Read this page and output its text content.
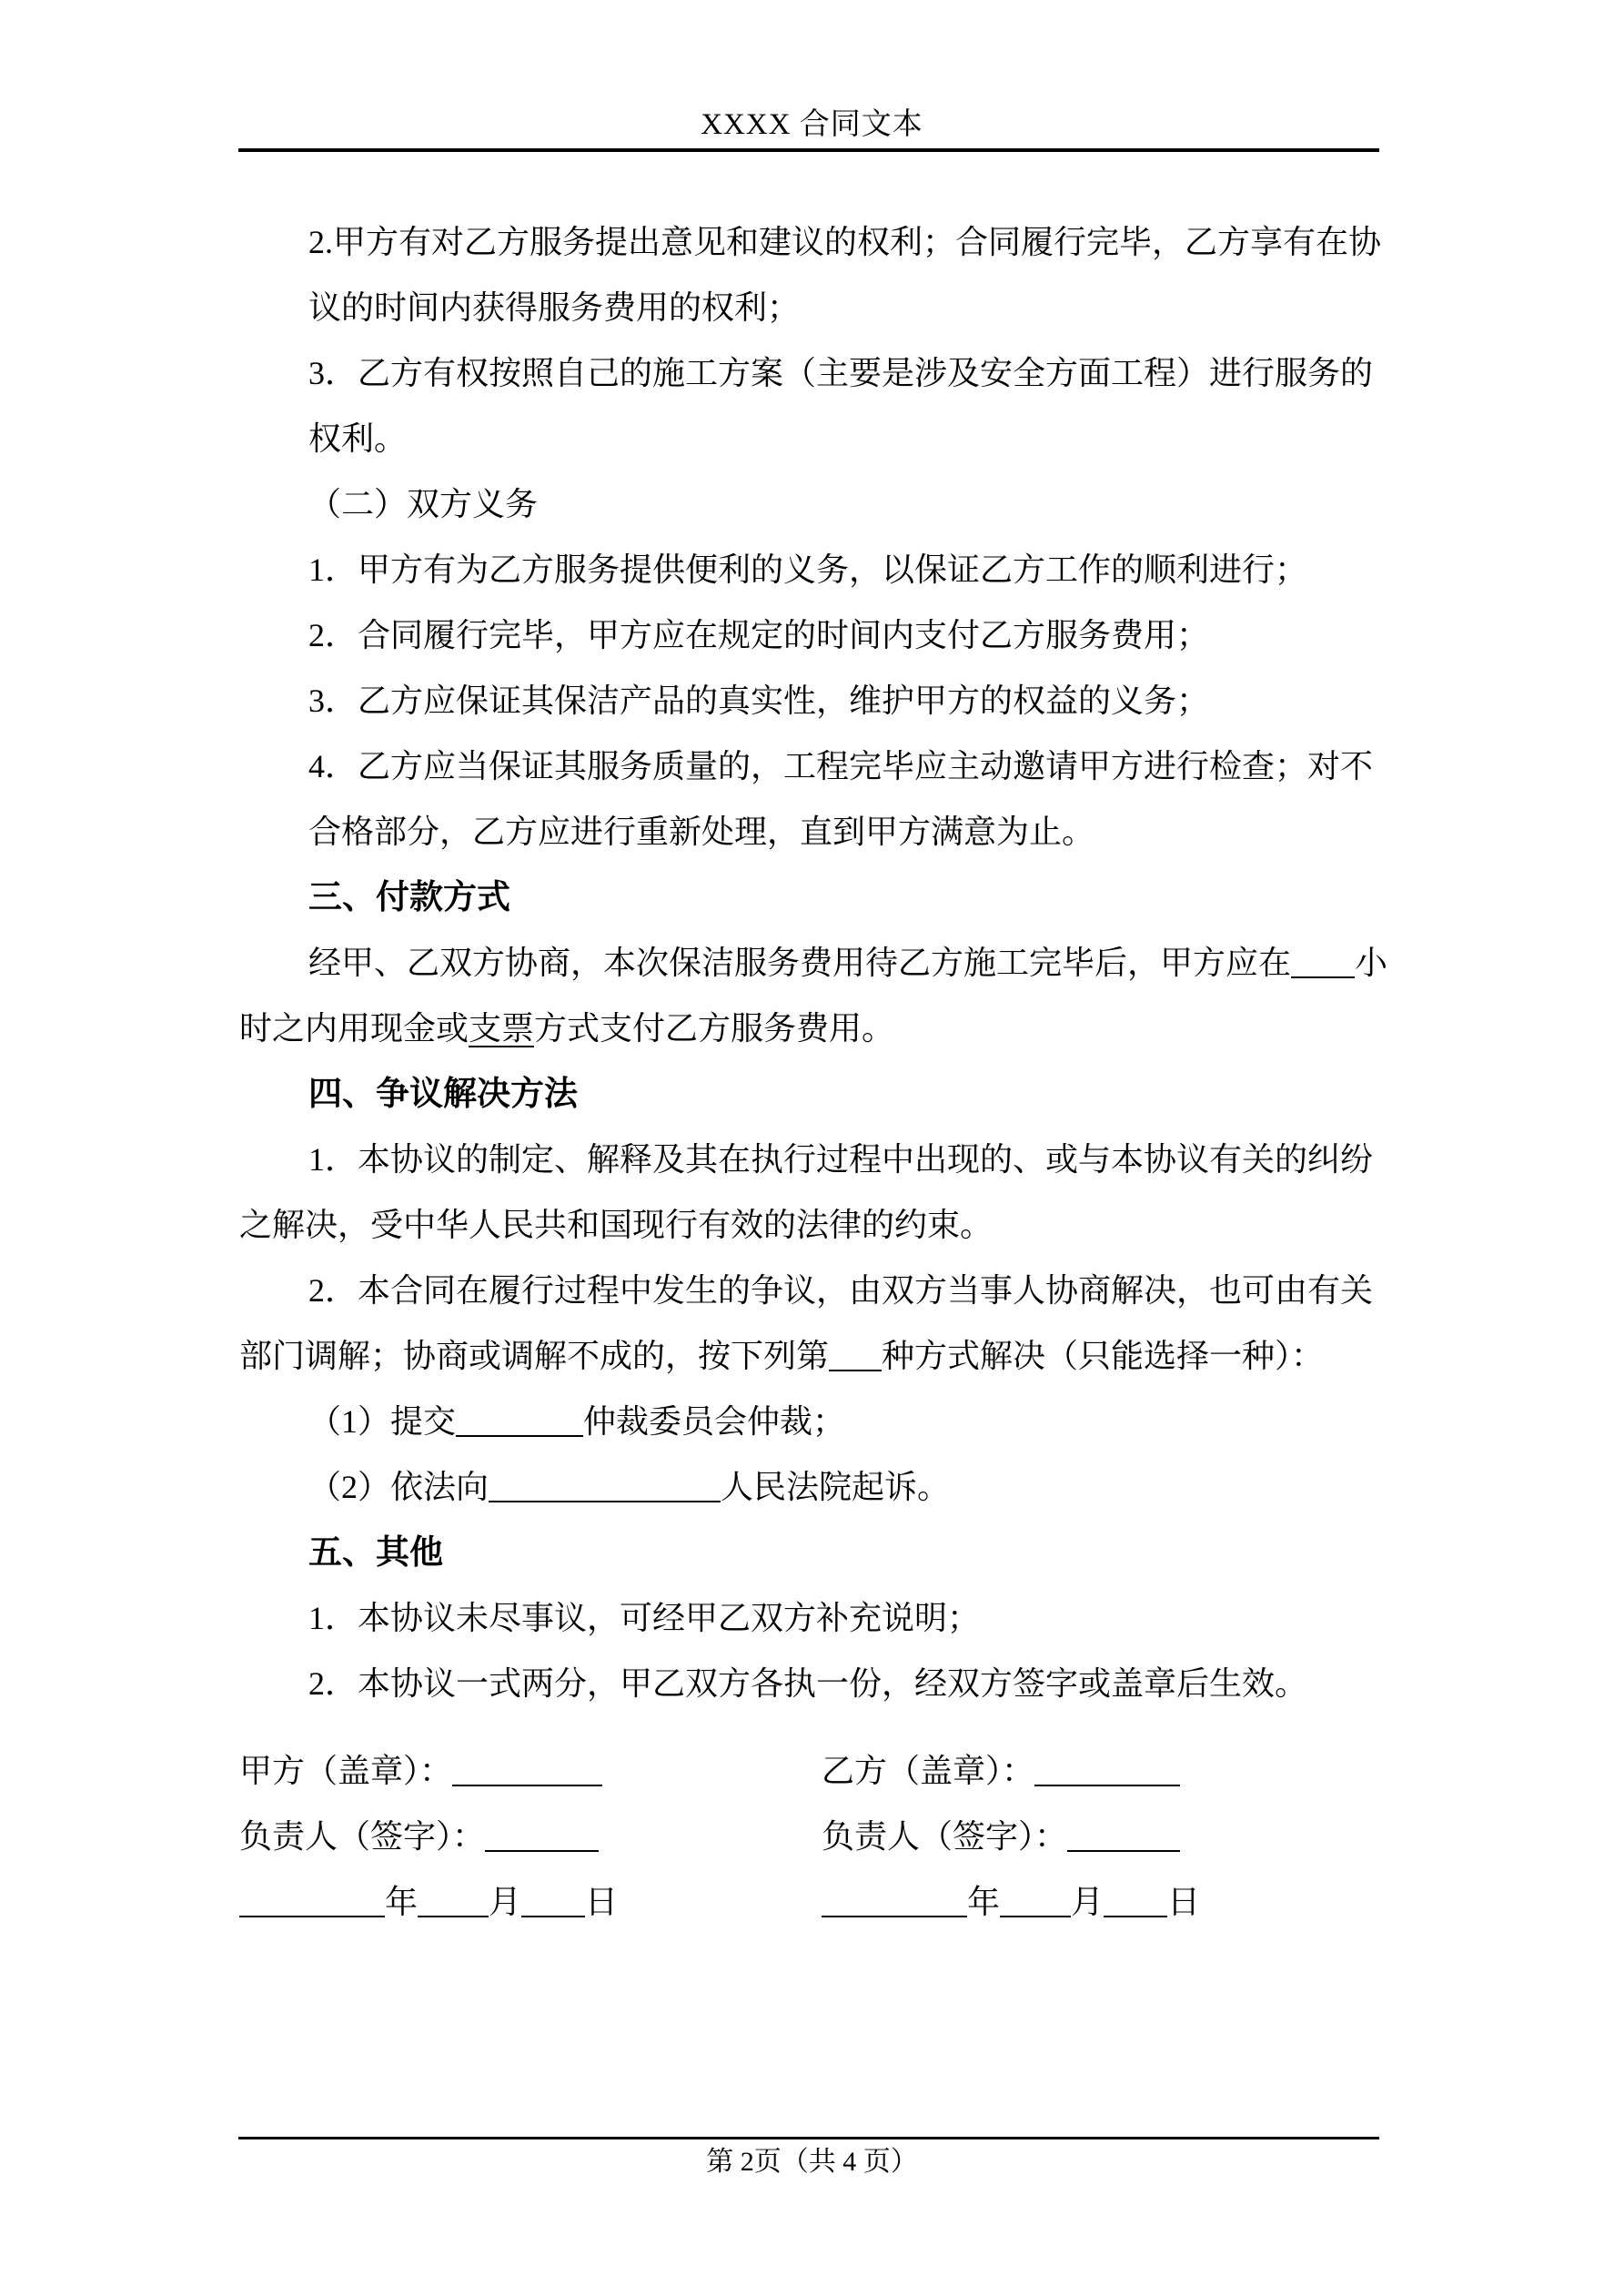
XXXX 合同文本
2.甲方有对乙方服务提出意见和建议的权利；合同履行完毕，乙方享有在协
议的时间内获得服务费用的权利；
3．乙方有权按照自己的施工方案（主要是涉及安全方面工程）进行服务的
权利。
（二）双方义务
1．甲方有为乙方服务提供便利的义务，以保证乙方工作的顺利进行；
2．合同履行完毕，甲方应在规定的时间内支付乙方服务费用；
3．乙方应保证其保洁产品的真实性，维护甲方的权益的义务；
4．乙方应当保证其服务质量的，工程完毕应主动邀请甲方进行检查；对不
合格部分，乙方应进行重新处理，直到甲方满意为止。
三、付款方式
经甲、乙双方协商，本次保洁服务费用待乙方施工完毕后，甲方应在 小
时之内用现金或支票方式支付乙方服务费用。
四、争议解决方法
1．本协议的制定、解释及其在执行过程中出现的、或与本协议有关的纠纷
之解决，受中华人民共和国现行有效的法律的约束。
2．本合同在履行过程中发生的争议，由双方当事人协商解决，也可由有关
部门调解；协商或调解不成的，按下列第 种方式解决（只能选择一种）：
（1）提交	仲裁委员会仲裁；
（2）依法向	人民法院起诉。
五、其他
1．本协议未尽事议，可经甲乙双方补充说明；
2．本协议一式两分，甲乙双方各执一份，经双方签字或盖章后生效。
甲方（盖章）：	乙方（盖章）：
负责人（签字）：	负责人（签字）：
年 月 日	年 月 日
第 2页（共 4 页）
